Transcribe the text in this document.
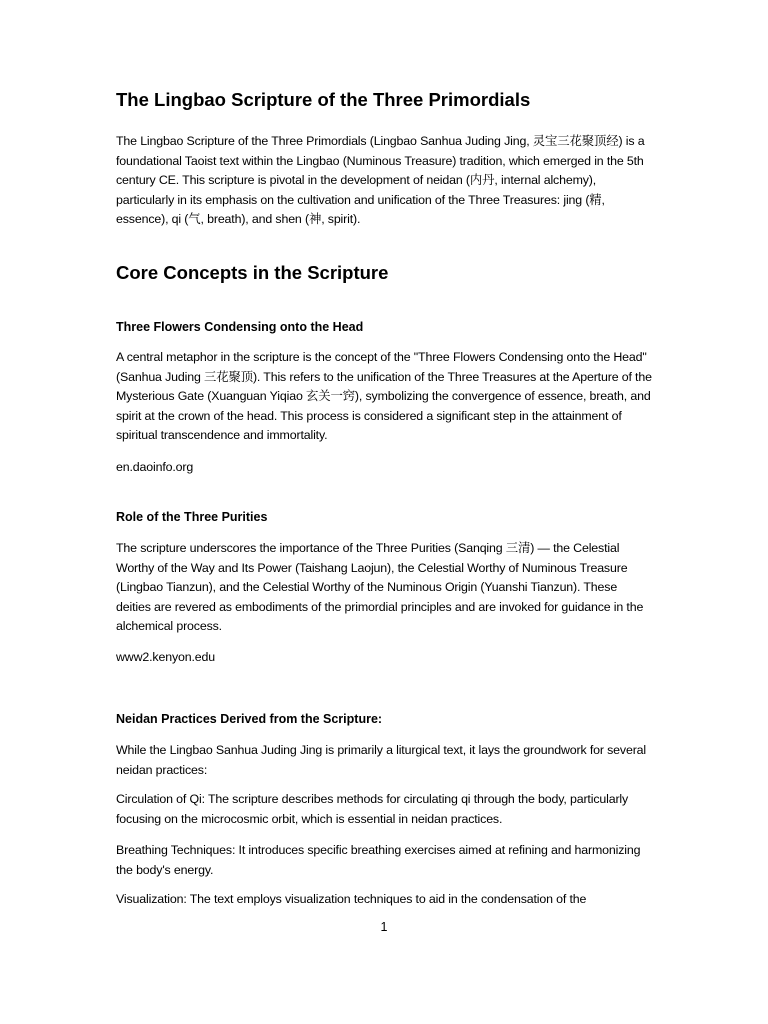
The Lingbao Scripture of the Three Primordials

The Lingbao Scripture of the Three Primordials (Lingbao Sanhua Juding Jing, 灵宝三花聚顶经) is a foundational Taoist text within the Lingbao (Numinous Treasure) tradition, which emerged in the 5th century CE. This scripture is pivotal in the development of neidan (内丹, internal alchemy), particularly in its emphasis on the cultivation and unification of the Three Treasures: jing (精, essence), qi (气, breath), and shen (神, spirit).

Core Concepts in the Scripture
Three Flowers Condensing onto the Head

A central metaphor in the scripture is the concept of the "Three Flowers Condensing onto the Head" (Sanhua Juding 三花聚顶). This refers to the unification of the Three Treasures at the Aperture of the Mysterious Gate (Xuanguan Yiqiao 玄关一窍), symbolizing the convergence of essence, breath, and spirit at the crown of the head. This process is considered a significant step in the attainment of spiritual transcendence and immortality.

en.daoinfo.org

Role of the Three Purities

The scripture underscores the importance of the Three Purities (Sanqing 三清) — the Celestial Worthy of the Way and Its Power (Taishang Laojun), the Celestial Worthy of Numinous Treasure (Lingbao Tianzun), and the Celestial Worthy of the Numinous Origin (Yuanshi Tianzun). These deities are revered as embodiments of the primordial principles and are invoked for guidance in the alchemical process.

www2.kenyon.edu

Neidan Practices Derived from the Scripture:

While the Lingbao Sanhua Juding Jing is primarily a liturgical text, it lays the groundwork for several neidan practices:

Circulation of Qi: The scripture describes methods for circulating qi through the body, particularly focusing on the microcosmic orbit, which is essential in neidan practices.

Breathing Techniques: It introduces specific breathing exercises aimed at refining and harmonizing the body's energy.

Visualization: The text employs visualization techniques to aid in the condensation of the

1
